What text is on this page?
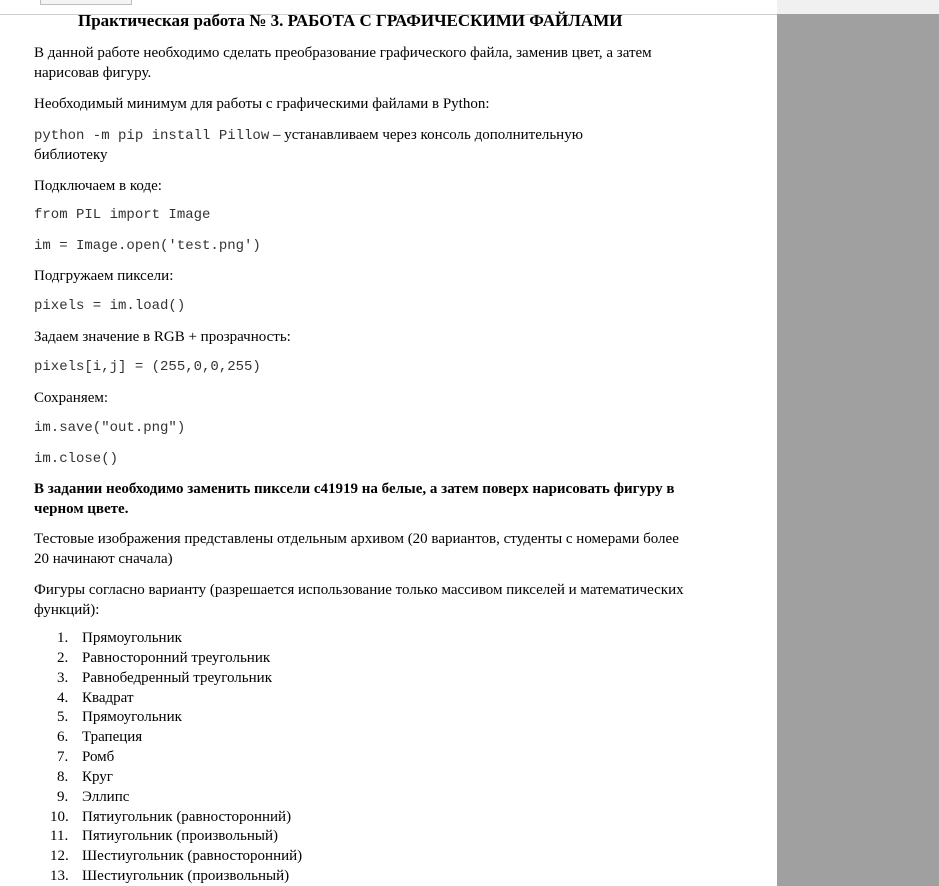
Практическая работа № 3. РАБОТА С ГРАФИЧЕСКИМИ ФАЙЛАМИ

В данной работе необходимо сделать преобразование графического файла, заменив цвет, а затем

нарисовав фигуру.

Необходимый минимум для работы с графическими файлами в Python:

python -m pip install Pillow – устанавливаем через консоль дополнительную

библиотеку

Подключаем в коде:

from PIL import Image

im = Image.open('test.png')

Подгружаем пиксели:

pixels = im.load()

Задаем значение в RGB + прозрачность:

pixels[i,j] = (255,0,0,255)

Сохраняем:

im.save("out.png")

im.close()

В задании необходимо заменить пиксели c41919 на белые, а затем поверх нарисовать фигуру в

черном цвете.

Тестовые изображения представлены отдельным архивом (20 вариантов, студенты с номерами более

20 начинают сначала)

Фигуры согласно варианту (разрешается использование только массивом пикселей и математических

функций):

1. Прямоугольник
2. Равносторонний треугольник
3. Равнобедренный треугольник
4. Квадрат
5. Прямоугольник
6. Трапеция
7. Ромб
8. Круг
9. Эллипс
10. Пятиугольник (равносторонний)
11. Пятиугольник (произвольный)
12. Шестиугольник (равносторонний)
13. Шестиугольник (произвольный)
